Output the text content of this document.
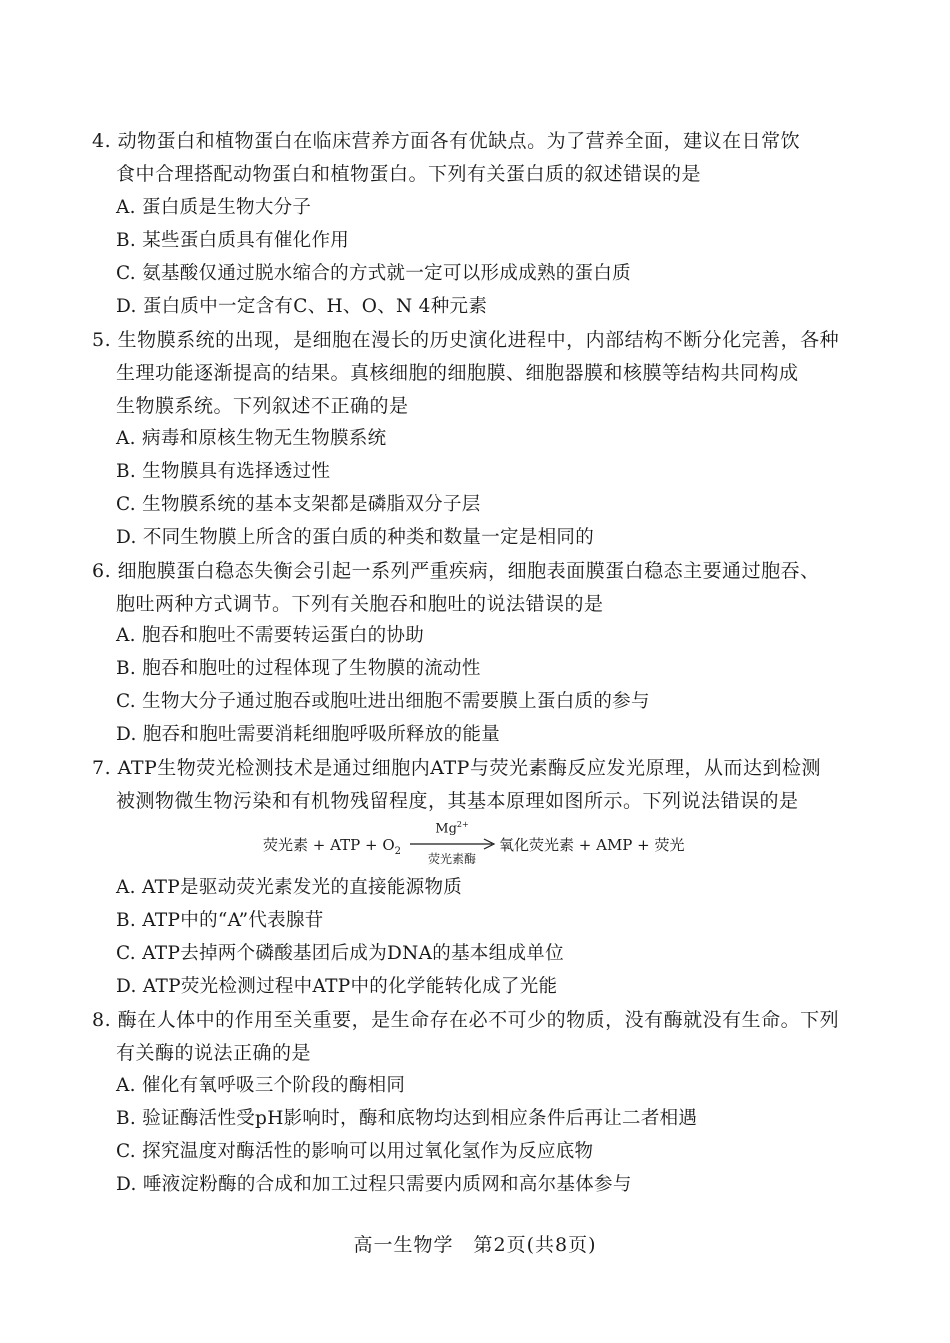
4. 动物蛋白和植物蛋白在临床营养方面各有优缺点。为了营养全面，建议在日常饮
食中合理搭配动物蛋白和植物蛋白。下列有关蛋白质的叙述错误的是
A. 蛋白质是生物大分子
B. 某些蛋白质具有催化作用
C. 氨基酸仅通过脱水缩合的方式就一定可以形成成熟的蛋白质
D. 蛋白质中一定含有C、H、O、N 4种元素
5. 生物膜系统的出现，是细胞在漫长的历史演化进程中，内部结构不断分化完善，各种
生理功能逐渐提高的结果。真核细胞的细胞膜、细胞器膜和核膜等结构共同构成
生物膜系统。下列叙述不正确的是
A. 病毒和原核生物无生物膜系统
B. 生物膜具有选择透过性
C. 生物膜系统的基本支架都是磷脂双分子层
D. 不同生物膜上所含的蛋白质的种类和数量一定是相同的
6. 细胞膜蛋白稳态失衡会引起一系列严重疾病，细胞表面膜蛋白稳态主要通过胞吞、
胞吐两种方式调节。下列有关胞吞和胞吐的说法错误的是
A. 胞吞和胞吐不需要转运蛋白的协助
B. 胞吞和胞吐的过程体现了生物膜的流动性
C. 生物大分子通过胞吞或胞吐进出细胞不需要膜上蛋白质的参与
D. 胞吞和胞吐需要消耗细胞呼吸所释放的能量
7. ATP生物荧光检测技术是通过细胞内ATP与荧光素酶反应发光原理，从而达到检测
被测物微生物污染和有机物残留程度，其基本原理如图所示。下列说法错误的是
荧光素 + ATP + $O_2$
$Mg^{2+}$
荧光素酶
氧化荧光素 + AMP + 荧光
A. ATP是驱动荧光素发光的直接能源物质
B. ATP中的“A”代表腺苷
C. ATP去掉两个磷酸基团后成为DNA的基本组成单位
D. ATP荧光检测过程中ATP中的化学能转化成了光能
8. 酶在人体中的作用至关重要，是生命存在必不可少的物质，没有酶就没有生命。下列
有关酶的说法正确的是
A. 催化有氧呼吸三个阶段的酶相同
B. 验证酶活性受pH影响时，酶和底物均达到相应条件后再让二者相遇
C. 探究温度对酶活性的影响可以用过氧化氢作为反应底物
D. 唾液淀粉酶的合成和加工过程只需要内质网和高尔基体参与
高一生物学　第2页(共8页)
